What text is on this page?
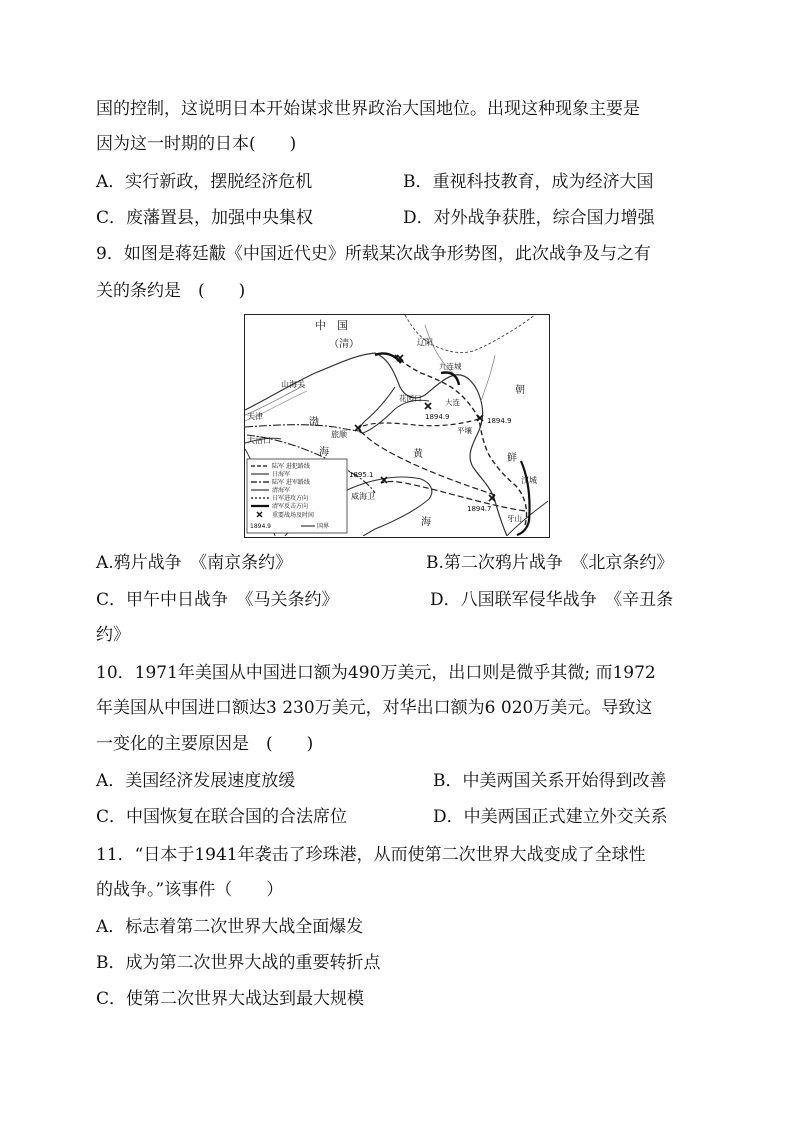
国的控制，这说明日本开始谋求世界政治大国地位。出现这种现象主要是
因为这一时期的日本(　　)
A．实行新政，摆脱经济危机	B．重视科技教育，成为经济大国
C．废藩置县，加强中央集权	D．对外战争获胜，综合国力增强
9．如图是蒋廷黻《中国近代史》所载某次战争形势图，此次战争及与之有
关的条约是　(　　)
中　国
（清）	辽阳
九连城
山海关
天津
大沽口
花园口	大连
旅顺
渤
海	黄
海
威海卫
朝
鲜
平壤
汉城
牙山
1894.9	1894.9
1895.1
1894.7
陆军 进犯路线
日海军
陆军 进军路线
清海军
日军进攻方向
清军反击方向
重要战场及时间
1894.9	国界
A.鸦片战争　《南京条约》	B.第二次鸦片战争　《北京条约》
C．甲午中日战争　《马关条约》	D．八国联军侵华战争　《辛丑条
约》
10．1971年美国从中国进口额为490万美元，出口则是微乎其微; 而1972
年美国从中国进口额达3 230万美元，对华出口额为6 020万美元。导致这
一变化的主要原因是　(　　)
A．美国经济发展速度放缓	B．中美两国关系开始得到改善
C．中国恢复在联合国的合法席位	D．中美两国正式建立外交关系
11．“日本于1941年袭击了珍珠港，从而使第二次世界大战变成了全球性
的战争。”该事件（　　）
A．标志着第二次世界大战全面爆发
B．成为第二次世界大战的重要转折点
C．使第二次世界大战达到最大规模
